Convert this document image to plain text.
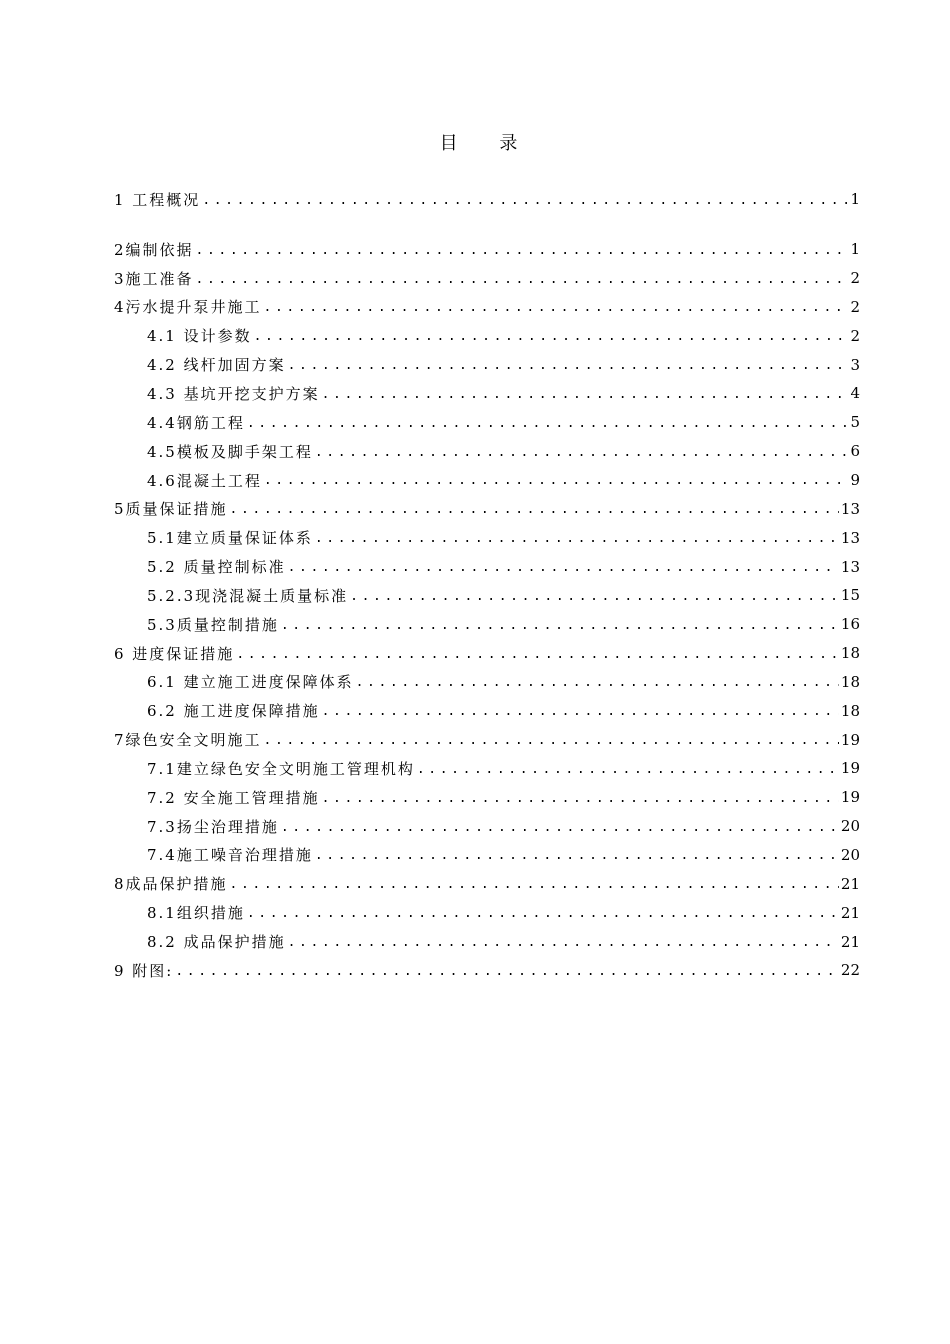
目 录
1 工程概况 .....	1
2编制依据 .....	1
3施工准备 .....	2
4污水提升泵井施工 .....	2
4.1 设计参数 .....	2
4.2 线杆加固方案 .....	3
4.3 基坑开挖支护方案 .....	4
4.4钢筋工程 .....	5
4.5模板及脚手架工程 .....	6
4.6混凝土工程 .....	9
5质量保证措施 .....	13
5.1建立质量保证体系 .....	13
5.2 质量控制标准 .....	13
5.2.3现浇混凝土质量标准 .....	15
5.3质量控制措施 .....	16
6 进度保证措施 .....	18
6.1 建立施工进度保障体系 .....	18
6.2 施工进度保障措施 .....	18
7绿色安全文明施工 .....	19
7.1建立绿色安全文明施工管理机构 .....	19
7.2 安全施工管理措施 .....	19
7.3扬尘治理措施 .....	20
7.4施工噪音治理措施 .....	20
8成品保护措施 .....	21
8.1组织措施 .....	21
8.2 成品保护措施 .....	21
9 附图: .....	22
